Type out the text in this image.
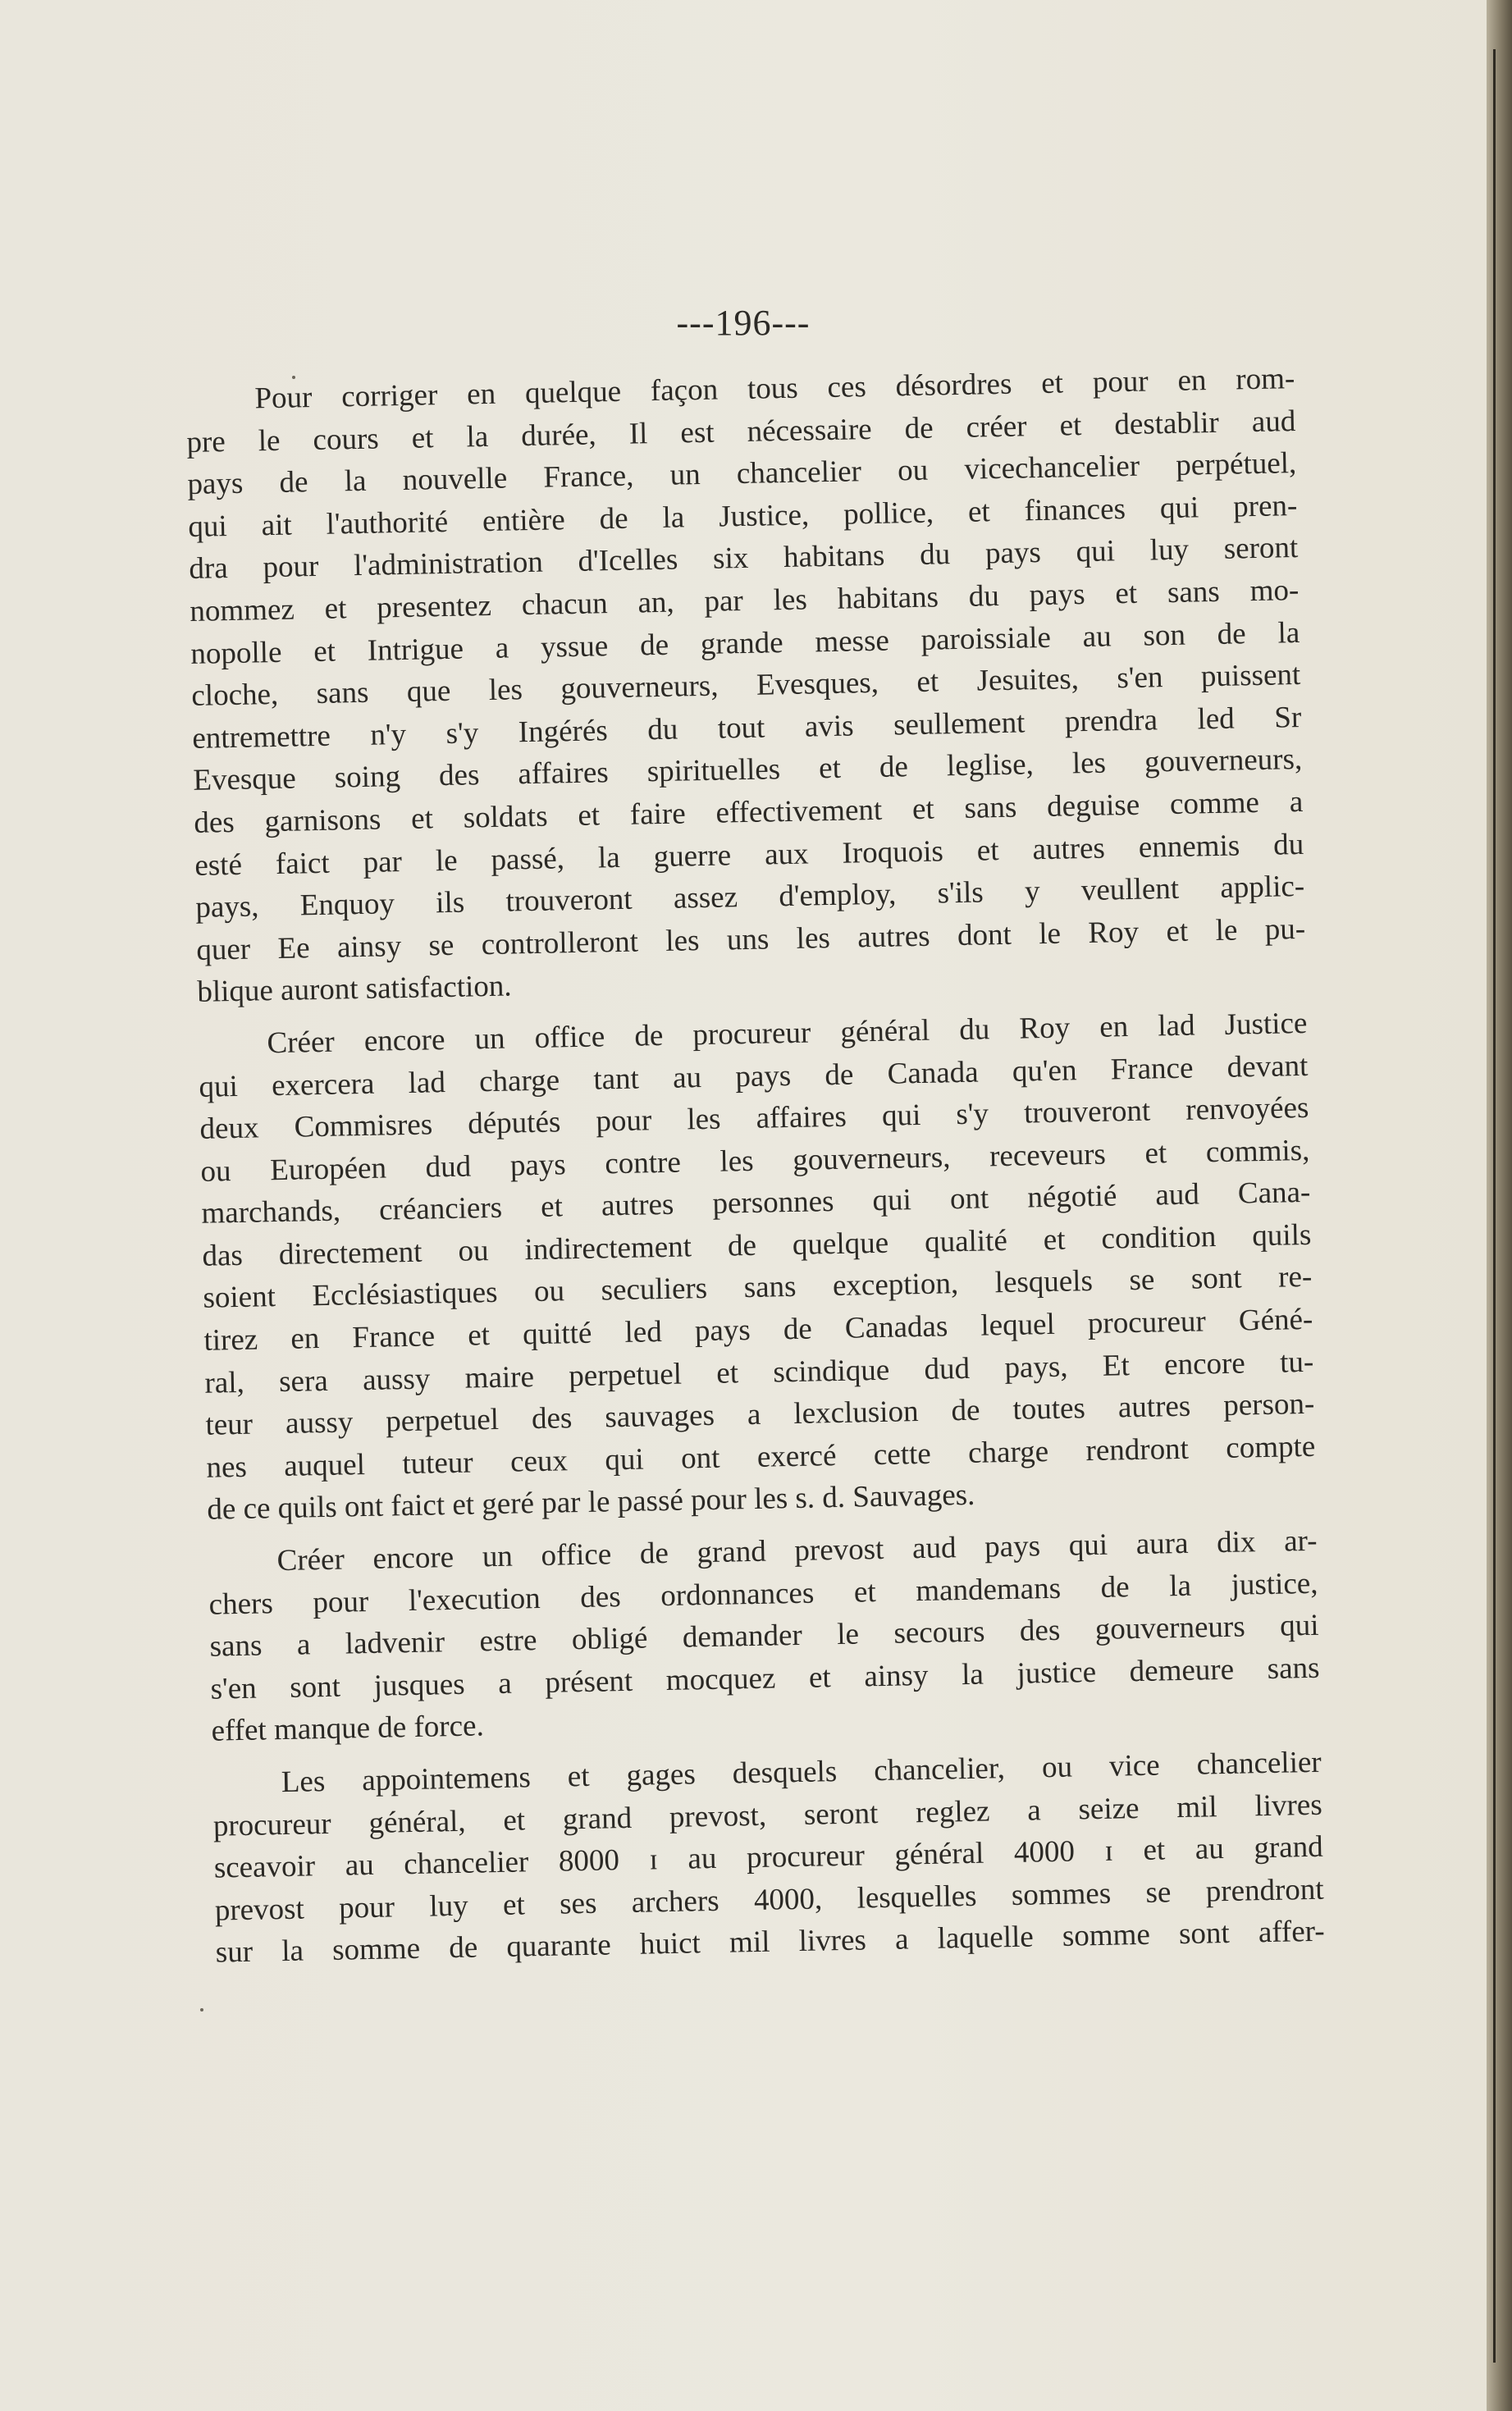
---196---
Pour corriger en quelque façon tous ces désordres et pour en rom-
pre le cours et la durée, Il est nécessaire de créer et destablir aud
pays de la nouvelle France, un chancelier ou vicechancelier perpétuel,
qui ait l'authorité entière de la Justice, pollice, et finances qui pren-
dra pour l'administration d'Icelles six habitans du pays qui luy seront
nommez et presentez chacun an, par les habitans du pays et sans mo-
nopolle et Intrigue a yssue de grande messe paroissiale au son de la
cloche, sans que les gouverneurs, Evesques, et Jesuites, s'en puissent
entremettre n'y s'y Ingérés du tout avis seullement prendra led Sr
Evesque soing des affaires spirituelles et de leglise, les gouverneurs,
des garnisons et soldats et faire effectivement et sans deguise comme a
esté faict par le passé, la guerre aux Iroquois et autres ennemis du
pays, Enquoy ils trouveront assez d'employ, s'ils y veullent applic-
quer Ee ainsy se controlleront les uns les autres dont le Roy et le pu-
blique auront satisfaction.
Créer encore un office de procureur général du Roy en lad Justice
qui exercera lad charge tant au pays de Canada qu'en France devant
deux Commisres députés pour les affaires qui s'y trouveront renvoyées
ou Européen dud pays contre les gouverneurs, receveurs et commis,
marchands, créanciers et autres personnes qui ont négotié aud Cana-
das directement ou indirectement de quelque qualité et condition quils
soient Ecclésiastiques ou seculiers sans exception, lesquels se sont re-
tirez en France et quitté led pays de Canadas lequel procureur Géné-
ral, sera aussy maire perpetuel et scindique dud pays, Et encore tu-
teur aussy perpetuel des sauvages a lexclusion de toutes autres person-
nes auquel tuteur ceux qui ont exercé cette charge rendront compte
de ce quils ont faict et geré par le passé pour les s. d. Sauvages.
Créer encore un office de grand prevost aud pays qui aura dix ar-
chers pour l'execution des ordonnances et mandemans de la justice,
sans a ladvenir estre obligé demander le secours des gouverneurs qui
s'en sont jusques a présent mocquez et ainsy la justice demeure sans
effet manque de force.
Les appointemens et gages desquels chancelier, ou vice chancelier
procureur général, et grand prevost, seront reglez a seize mil livres
sceavoir au chancelier 8000 ɪ au procureur général 4000 ɪ et au grand
prevost pour luy et ses archers 4000, lesquelles sommes se prendront
sur la somme de quarante huict mil livres a laquelle somme sont affer-
